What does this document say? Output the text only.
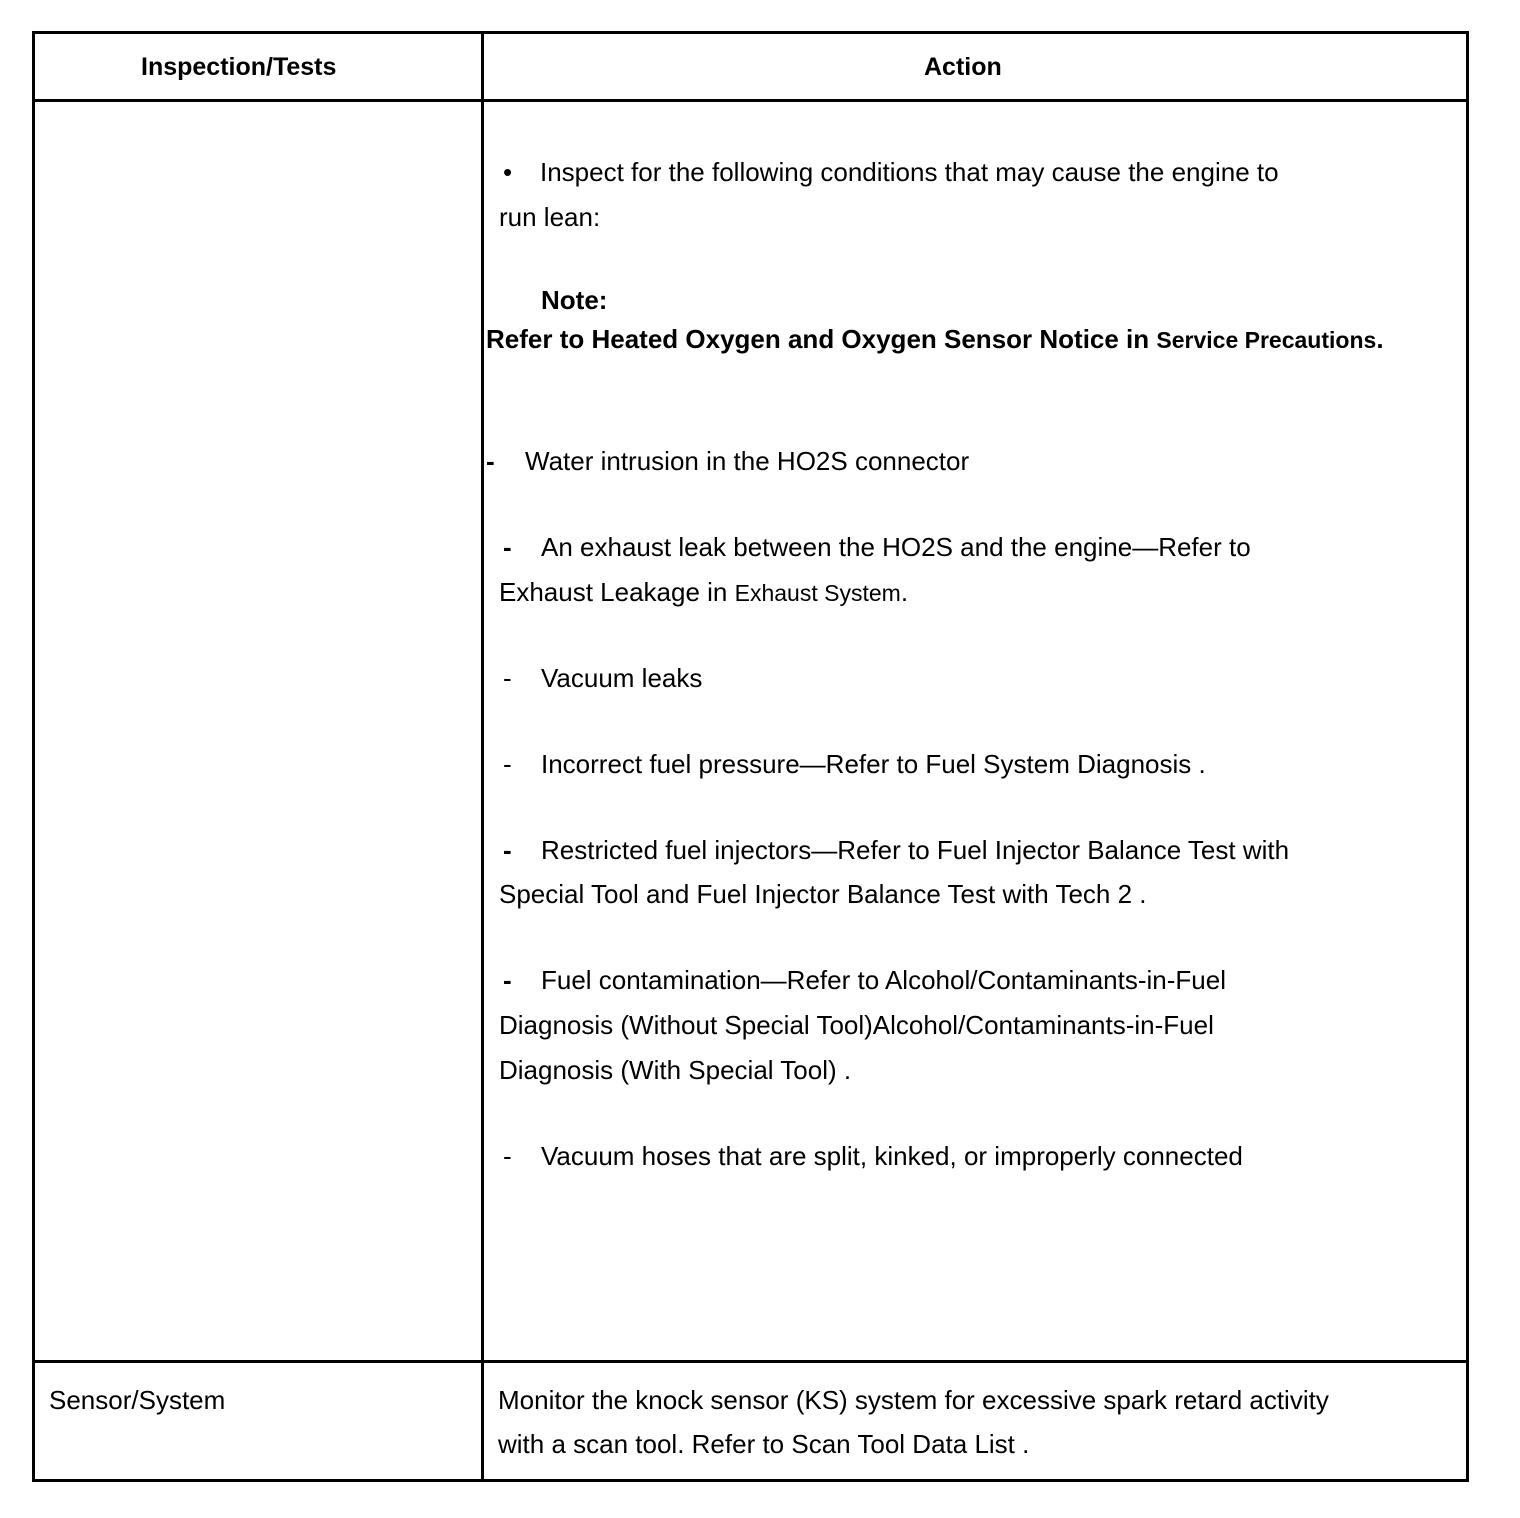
Inspection/Tests	Action
• Inspect for the following conditions that may cause the engine to
run lean:
Note:
Refer to Heated Oxygen and Oxygen Sensor Notice in Service Precautions.
- Water intrusion in the HO2S connector
- An exhaust leak between the HO2S and the engine—Refer to
Exhaust Leakage in Exhaust System.
- Vacuum leaks
- Incorrect fuel pressure—Refer to Fuel System Diagnosis .
- Restricted fuel injectors—Refer to Fuel Injector Balance Test with
Special Tool and Fuel Injector Balance Test with Tech 2 .
- Fuel contamination—Refer to Alcohol/Contaminants-in-Fuel
Diagnosis (Without Special Tool)Alcohol/Contaminants-in-Fuel
Diagnosis (With Special Tool) .
- Vacuum hoses that are split, kinked, or improperly connected
Sensor/System	Monitor the knock sensor (KS) system for excessive spark retard activity
with a scan tool. Refer to Scan Tool Data List .
